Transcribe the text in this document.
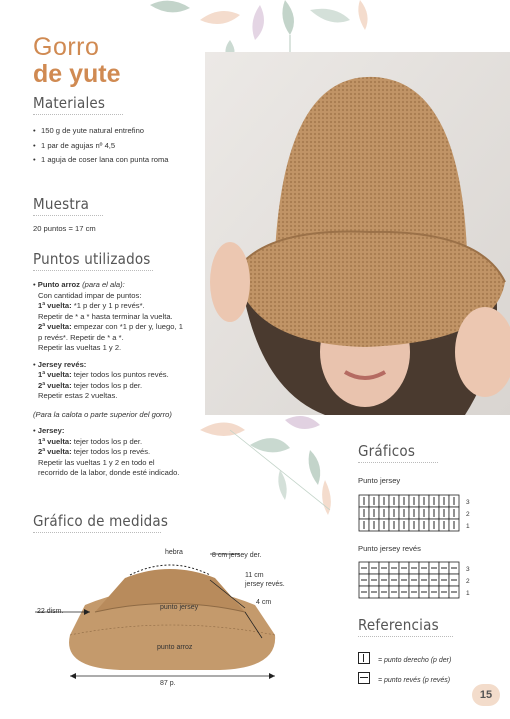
Gorro
de yute
Materiales
• 150 g de yute natural entrefino
• 1 par de agujas nº 4,5
• 1 aguja de coser lana con punta roma
Muestra
20 puntos = 17 cm
Puntos utilizados
• Punto arroz (para el ala):
Con cantidad impar de puntos:
1ª vuelta: *1 p der y 1 p revés*.
Repetir de * a * hasta terminar la vuelta.
2ª vuelta: empezar con *1 p der y, luego, 1 p revés*. Repetir de * a *.
Repetir las vueltas 1 y 2.
• Jersey revés:
1ª vuelta: tejer todos los puntos revés.
2ª vuelta: tejer todos los p der.
Repetir estas 2 vueltas.
(Para la calota o parte superior del gorro)
• Jersey:
1ª vuelta: tejer todos los p der.
2ª vuelta: tejer todos los p revés.
Repetir las vueltas 1 y 2 en todo el recorrido de la labor, donde esté indicado.
Gráfico de medidas
hebra	8 cm jersey der.
11 cm
jersey revés.
4 cm
22 dism.
punto jersey
punto arroz
87 p.
Gráficos
Punto jersey
3
2
1
Punto jersey revés
3
2
1
Referencias
= punto derecho (p der)
= punto revés (p revés)
15
